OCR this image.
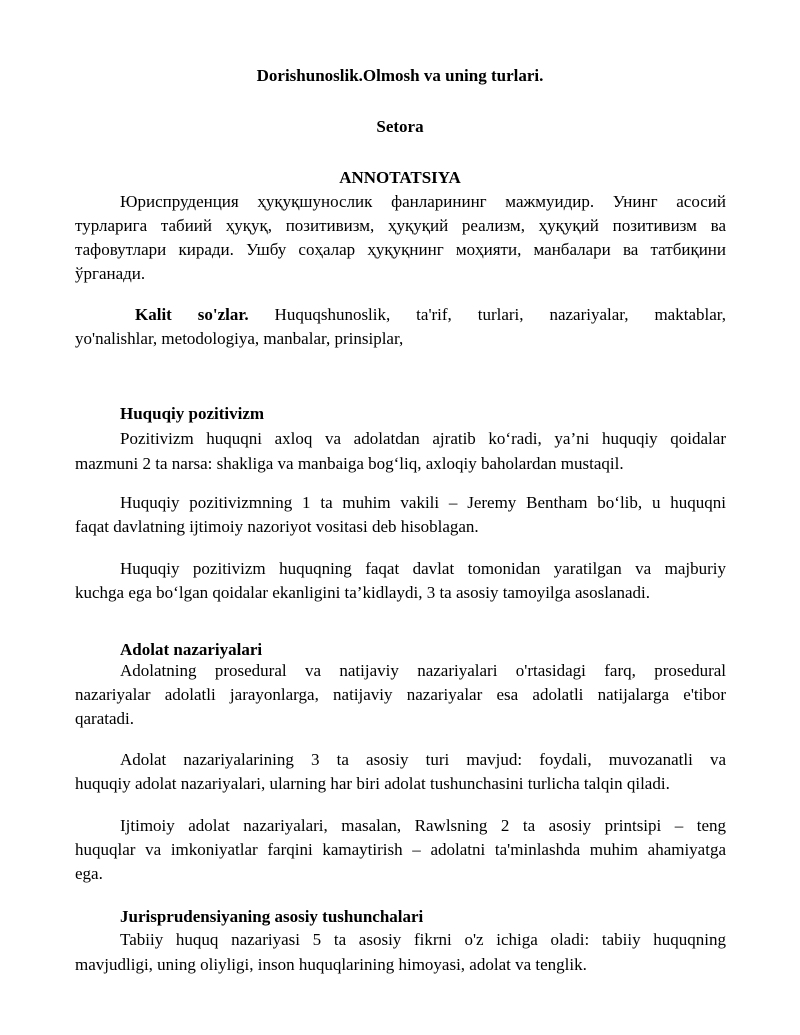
Dorishunoslik.Olmosh va uning turlari.
Setora
ANNOTATSIYA
Юриспруденция ҳуқуқшунослик фанларининг мажмуидир. Унинг асосий
турларига табиий ҳуқуқ, позитивизм, ҳуқуқий реализм, ҳуқуқий позитивизм ва
тафовутлари киради. Ушбу соҳалар ҳуқуқнинг моҳияти, манбалари ва татбиқини
ўрганади.
Kalit so'zlar. Huquqshunoslik, ta'rif, turlari, nazariyalar, maktablar,
yo'nalishlar, metodologiya, manbalar, prinsiplar,
Huquqiy pozitivizm
Pozitivizm huquqni axloq va adolatdan ajratib ko‘radi, ya’ni huquqiy qoidalar
mazmuni 2 ta narsa: shakliga va manbaiga bog‘liq, axloqiy baholardan mustaqil.
Huquqiy pozitivizmning 1 ta muhim vakili – Jeremy Bentham bo‘lib, u huquqni
faqat davlatning ijtimoiy nazoriyot vositasi deb hisoblagan.
Huquqiy pozitivizm huquqning faqat davlat tomonidan yaratilgan va majburiy
kuchga ega bo‘lgan qoidalar ekanligini ta’kidlaydi, 3 ta asosiy tamoyilga asoslanadi.
Adolat nazariyalari
Adolatning prosedural va natijaviy nazariyalari o'rtasidagi farq, prosedural
nazariyalar adolatli jarayonlarga, natijaviy nazariyalar esa adolatli natijalarga e'tibor
qaratadi.
Adolat nazariyalarining 3 ta asosiy turi mavjud: foydali, muvozanatli va
huquqiy adolat nazariyalari, ularning har biri adolat tushunchasini turlicha talqin qiladi.
Ijtimoiy adolat nazariyalari, masalan, Rawlsning 2 ta asosiy printsipi – teng
huquqlar va imkoniyatlar farqini kamaytirish – adolatni ta'minlashda muhim ahamiyatga
ega.
Jurisprudensiyaning asosiy tushunchalari
Tabiiy huquq nazariyasi 5 ta asosiy fikrni o'z ichiga oladi: tabiiy huquqning
mavjudligi, uning oliyligi, inson huquqlarining himoyasi, adolat va tenglik.
